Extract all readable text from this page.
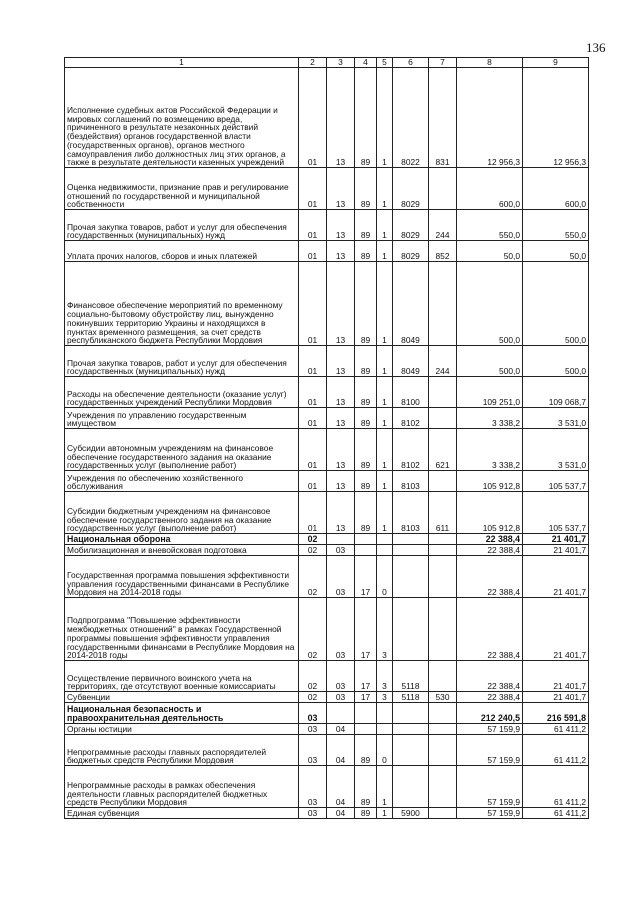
136
1	2	3	4	5	6	7	8	9
Исполнение судебных актов Российской Федерации и мировых соглашений по возмещению вреда, причиненного в результате незаконных действий (бездействия) органов государственной власти (государственных органов), органов местного самоуправления либо должностных лиц этих органов, а также в результате деятельности казенных учреждений	01	13	89	1	8022	831	12 956,3	12 956,3
Оценка недвижимости, признание прав и регулирование отношений по государственной и муниципальной собственности	01	13	89	1	8029		600,0	600,0
Прочая закупка товаров, работ и услуг для обеспечения государственных (муниципальных) нужд	01	13	89	1	8029	244	550,0	550,0
Уплата прочих налогов, сборов и иных платежей	01	13	89	1	8029	852	50,0	50,0
Финансовое обеспечение мероприятий по временному социально-бытовому обустройству лиц, вынужденно покинувших территорию Украины и находящихся в пунктах временного размещения, за счет средств республиканского бюджета Республики Мордовия	01	13	89	1	8049		500,0	500,0
Прочая закупка товаров, работ и услуг для обеспечения государственных (муниципальных) нужд	01	13	89	1	8049	244	500,0	500,0
Расходы на обеспечение деятельности (оказание услуг) государственных учреждений Республики Мордовия	01	13	89	1	8100		109 251,0	109 068,7
Учреждения по управлению государственным имуществом	01	13	89	1	8102		3 338,2	3 531,0
Субсидии автономным учреждениям на финансовое обеспечение государственного задания на оказание государственных услуг (выполнение работ)	01	13	89	1	8102	621	3 338,2	3 531,0
Учреждения по обеспечению хозяйственного обслуживания	01	13	89	1	8103		105 912,8	105 537,7
Субсидии бюджетным учреждениям на финансовое обеспечение государственного задания на оказание государственных услуг (выполнение работ)	01	13	89	1	8103	611	105 912,8	105 537,7
Национальная оборона	02						22 388,4	21 401,7
Мобилизационная и вневойсковая подготовка	02	03					22 388,4	21 401,7
Государственная программа повышения эффективности управления государственными финансами в Республике Мордовия на 2014-2018 годы	02	03	17	0			22 388,4	21 401,7
Подпрограмма "Повышение эффективности межбюджетных отношений" в рамках Государственной программы повышения эффективности управления государственными финансами в Республике Мордовия на 2014-2018 годы	02	03	17	3			22 388,4	21 401,7
Осуществление первичного воинского учета на территориях, где отсутствуют военные комиссариаты	02	03	17	3	5118		22 388,4	21 401,7
Субвенции	02	03	17	3	5118	530	22 388,4	21 401,7
Национальная безопасность и правоохранительная деятельность	03						212 240,5	216 591,8
Органы юстиции	03	04					57 159,9	61 411,2
Непрограммные расходы главных распорядителей бюджетных средств Республики Мордовия	03	04	89	0			57 159,9	61 411,2
Непрограммные расходы в рамках обеспечения деятельности главных распорядителей бюджетных средств Республики Мордовия	03	04	89	1			57 159,9	61 411,2
Единая субвенция	03	04	89	1	5900		57 159,9	61 411,2
